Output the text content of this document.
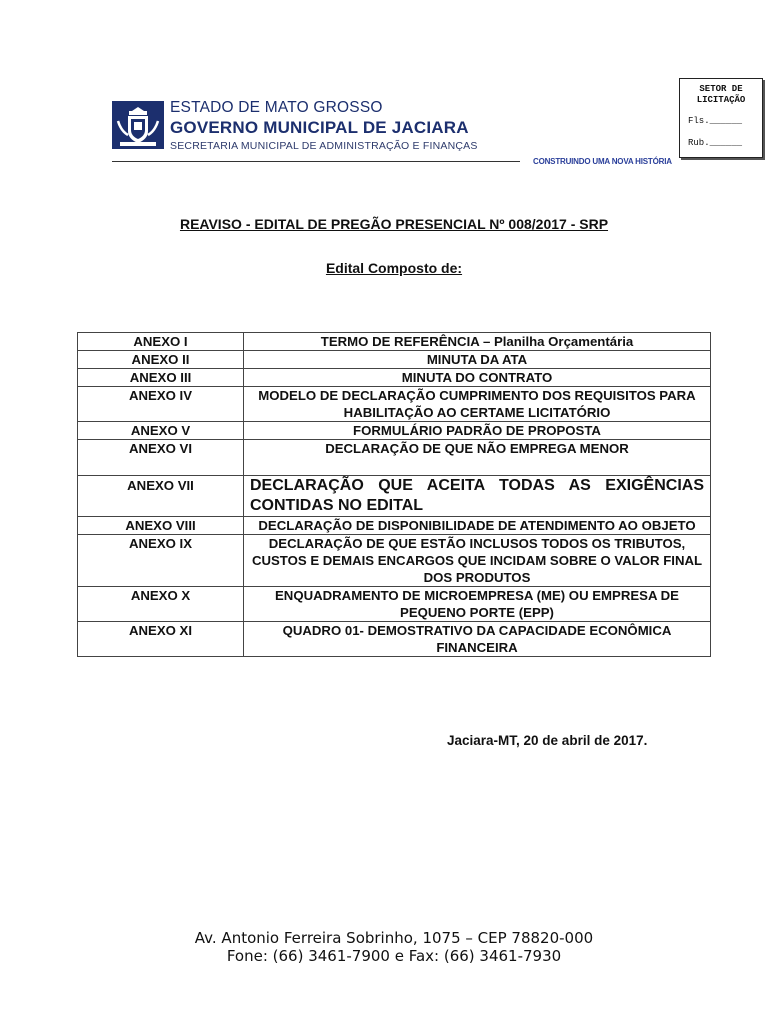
ESTADO DE MATO GROSSO
GOVERNO MUNICIPAL DE JACIARA
SECRETARIA MUNICIPAL DE ADMINISTRAÇÃO E FINANÇAS
CONSTRUINDO UMA NOVA HISTÓRIA
SETOR DE
LICITAÇÃO
Fls.______
Rub.______
REAVISO - EDITAL DE PREGÃO PRESENCIAL Nº 008/2017 - SRP
Edital Composto de:
ANEXO I	TERMO DE REFERÊNCIA – Planilha Orçamentária
ANEXO II	MINUTA DA ATA
ANEXO III	MINUTA DO CONTRATO
ANEXO IV	MODELO DE DECLARAÇÃO CUMPRIMENTO DOS REQUISITOS PARA HABILITAÇÃO AO CERTAME LICITATÓRIO
ANEXO V	FORMULÁRIO PADRÃO DE PROPOSTA
ANEXO VI	DECLARAÇÃO DE QUE NÃO EMPREGA MENOR
ANEXO VII	DECLARAÇÃO QUE ACEITA TODAS AS EXIGÊNCIAS CONTIDAS NO EDITAL
ANEXO VIII	DECLARAÇÃO DE DISPONIBILIDADE DE ATENDIMENTO AO OBJETO
ANEXO IX	DECLARAÇÃO DE QUE ESTÃO INCLUSOS TODOS OS TRIBUTOS, CUSTOS E DEMAIS ENCARGOS QUE INCIDAM SOBRE O VALOR FINAL DOS PRODUTOS
ANEXO X	ENQUADRAMENTO DE MICROEMPRESA (ME) OU EMPRESA DE PEQUENO PORTE (EPP)
ANEXO XI	QUADRO 01- DEMOSTRATIVO DA CAPACIDADE ECONÔMICA FINANCEIRA
Jaciara-MT, 20 de abril de 2017.
Av. Antonio Ferreira Sobrinho, 1075 – CEP 78820-000
Fone: (66) 3461-7900 e Fax: (66) 3461-7930
